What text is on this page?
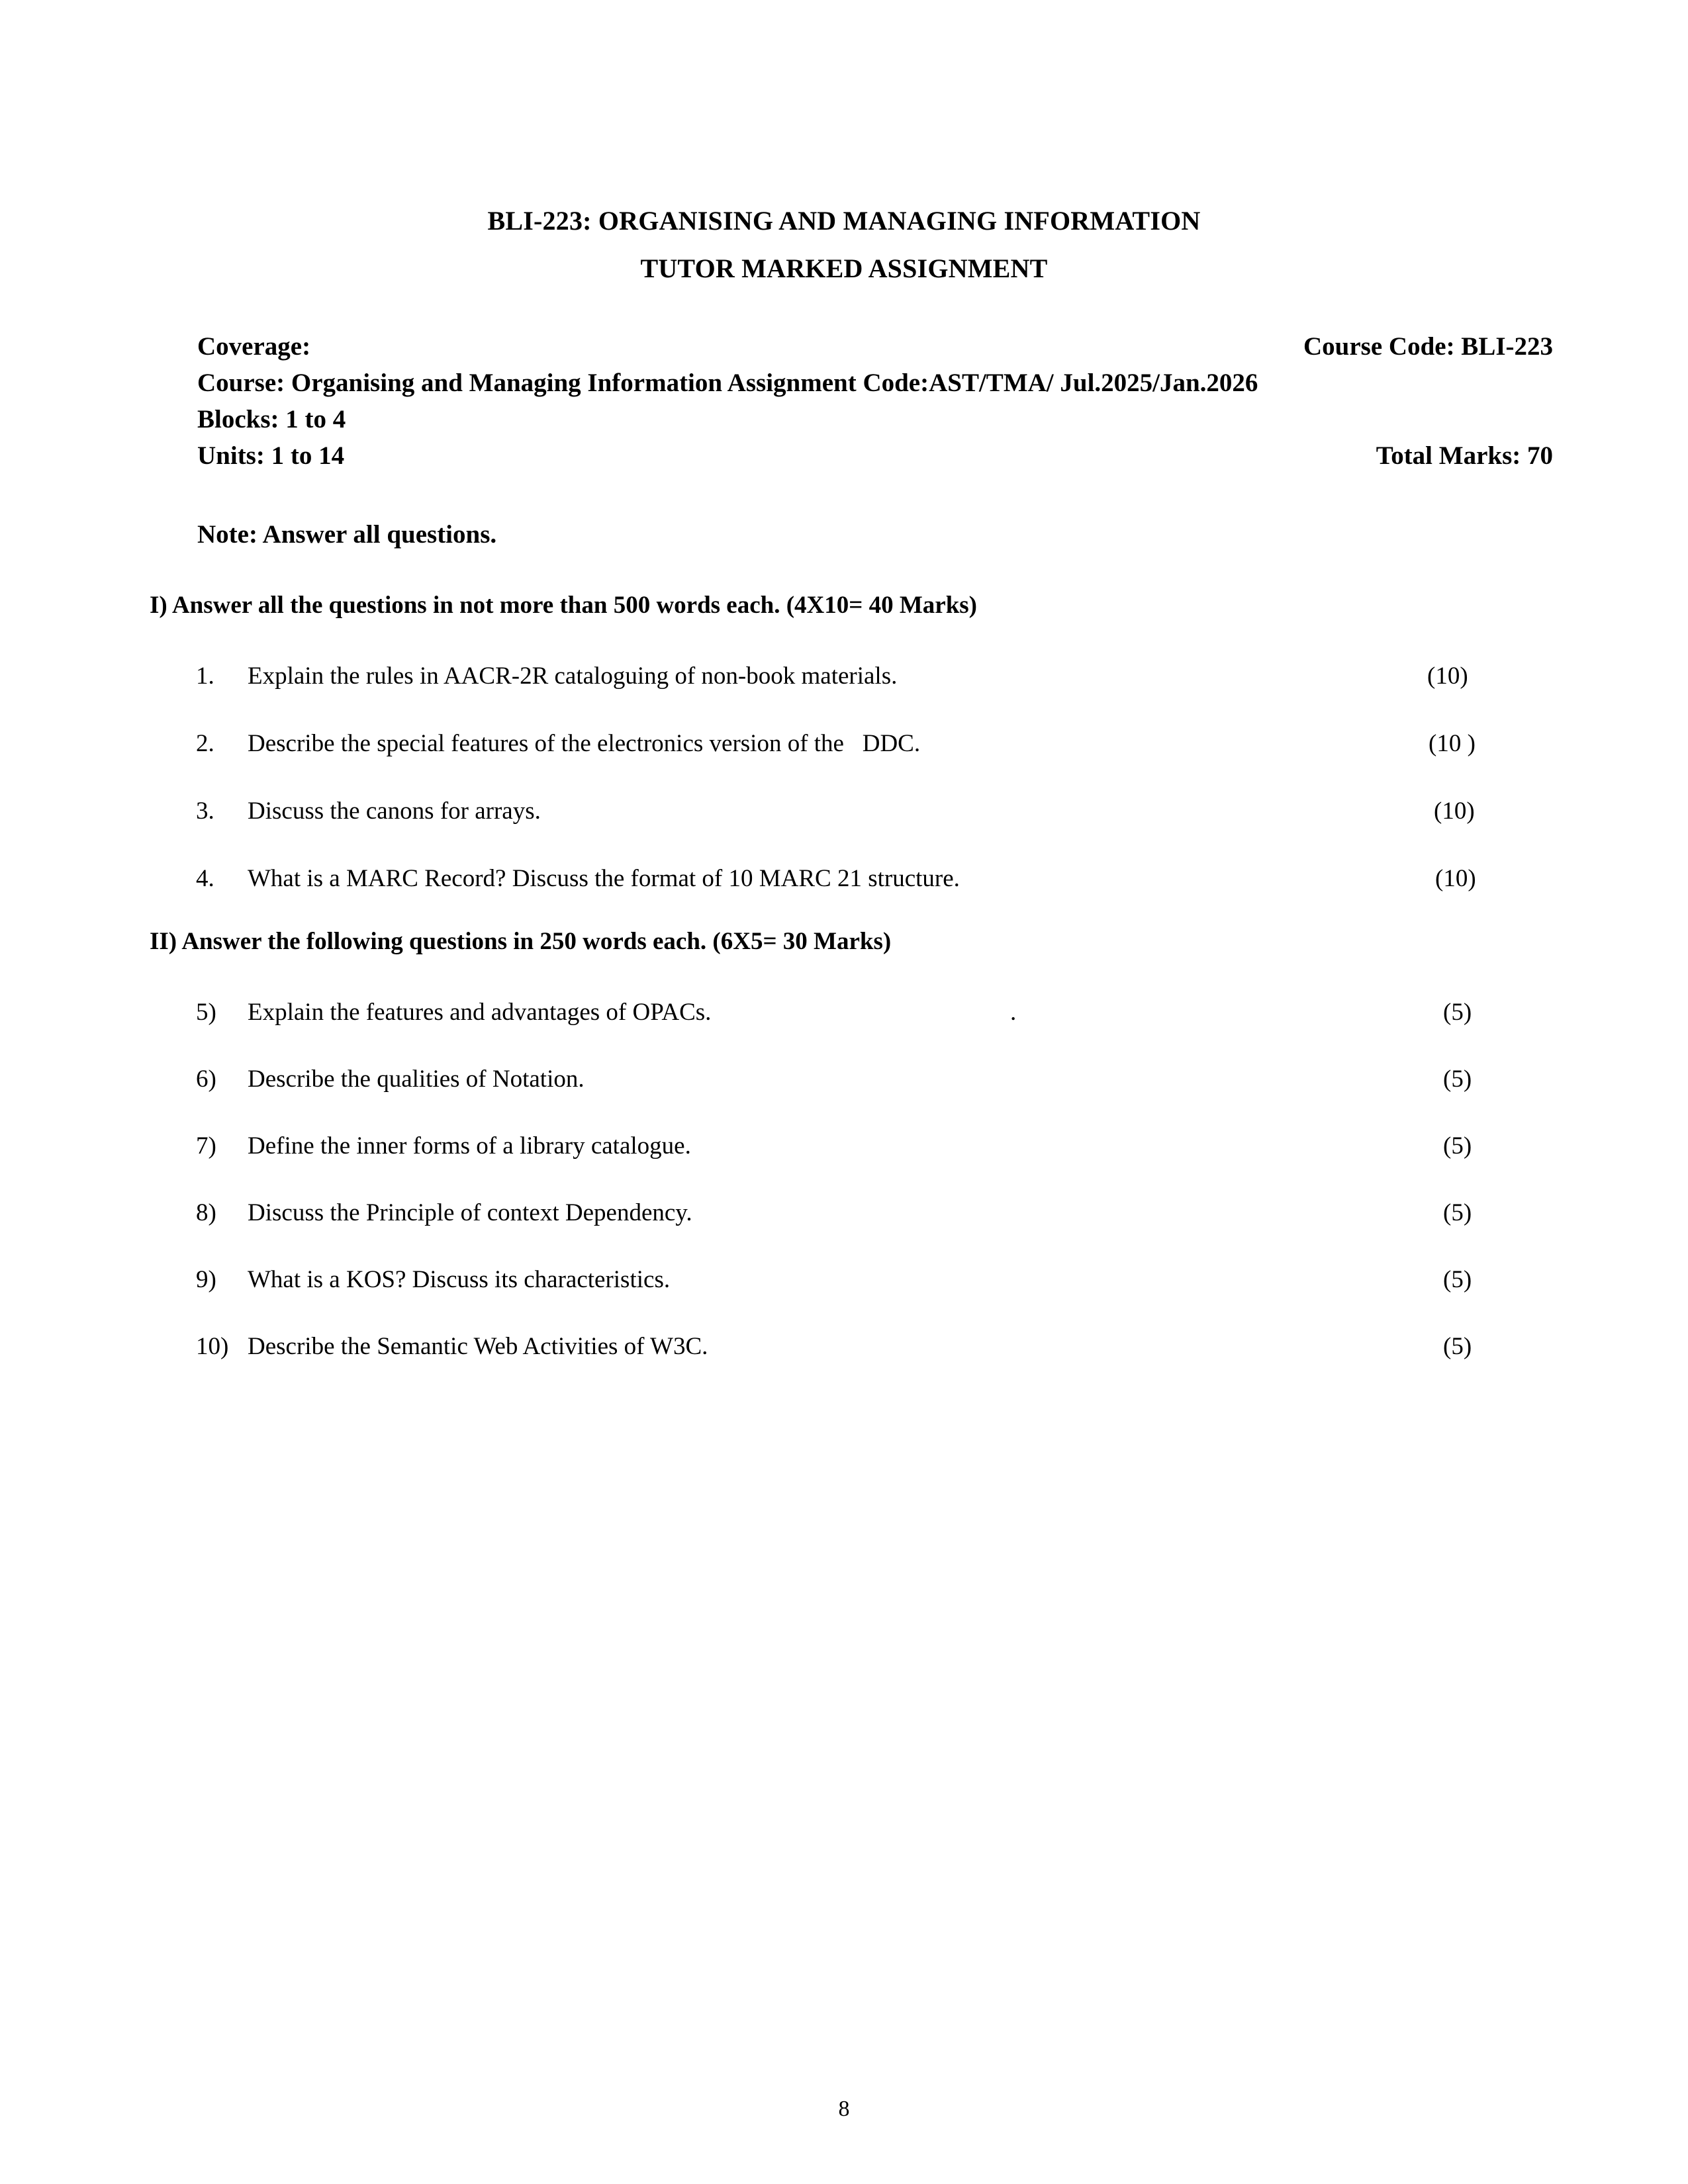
BLI-223: ORGANISING AND MANAGING INFORMATION
TUTOR MARKED ASSIGNMENT
Coverage:	Course Code: BLI-223
Course: Organising and Managing Information Assignment Code:AST/TMA/ Jul.2025/Jan.2026
Blocks: 1 to 4
Units: 1 to 14	Total Marks: 70
Note: Answer all questions.
I) Answer all the questions in not more than 500 words each. (4X10= 40 Marks)
1.	Explain the rules in AACR-2R cataloguing of non-book materials.	(10)
2.	Describe the special features of the electronics version of the   DDC.	(10 )
3.	Discuss the canons for arrays.	(10)
4.	What is a MARC Record? Discuss the format of 10 MARC 21 structure.	(10)
II) Answer the following questions in 250 words each. (6X5= 30 Marks)
5)	Explain the features and advantages of OPACs.	.	(5)
6)	Describe the qualities of Notation.	(5)
7)	Define the inner forms of a library catalogue.	(5)
8)	Discuss the Principle of context Dependency.	(5)
9)	What is a KOS? Discuss its characteristics.	(5)
10) Describe the Semantic Web Activities of W3C.	(5)
8
